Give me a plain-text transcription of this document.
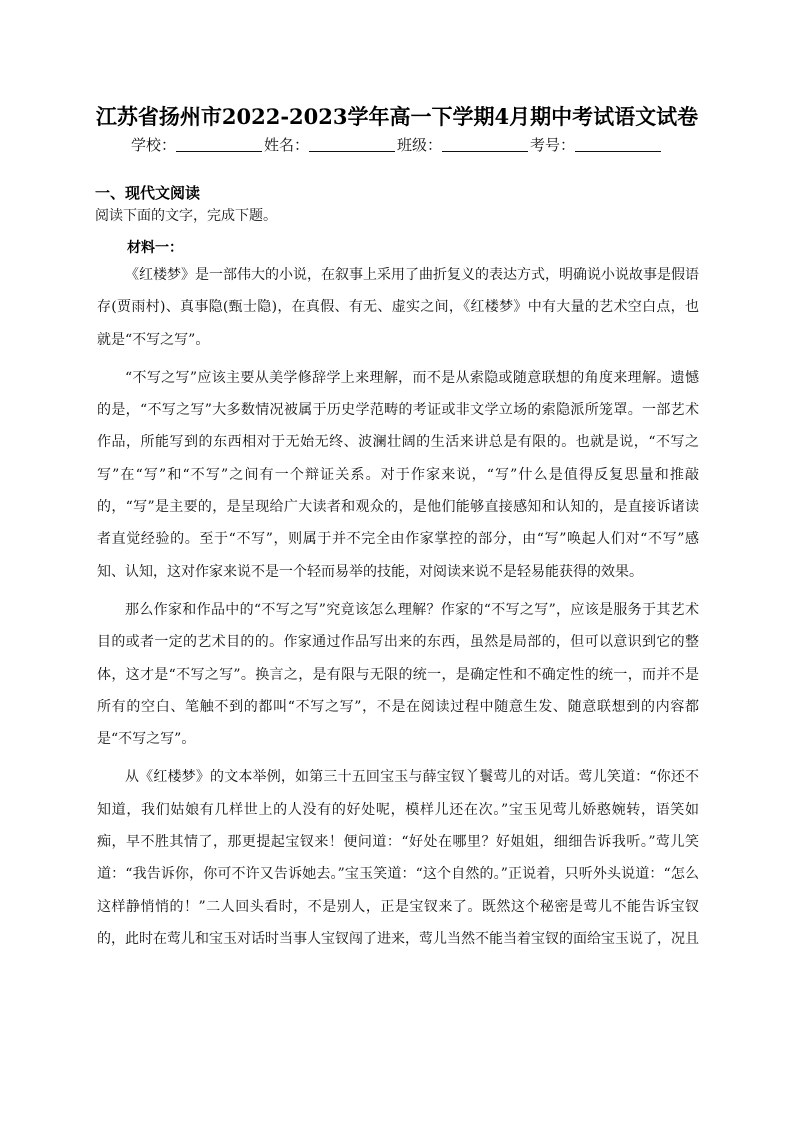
江苏省扬州市2022-2023学年高一下学期4月期中考试语文试卷
学校：	姓名：	班级：	考号：
一、现代文阅读
阅读下面的文字，完成下题。
材料一：

《红楼梦》是一部伟大的小说，在叙事上采用了曲折复义的表达方式，明确说小说故事是假语存(贾雨村)、真事隐(甄士隐)，在真假、有无、虚实之间，《红楼梦》中有大量的艺术空白点，也就是“不写之写”。

“不写之写”应该主要从美学修辞学上来理解，而不是从索隐或随意联想的角度来理解。遗憾的是，“不写之写”大多数情况被属于历史学范畴的考证或非文学立场的索隐派所笼罩。一部艺术作品，所能写到的东西相对于无始无终、波澜壮阔的生活来讲总是有限的。也就是说，“不写之写”在“写”和“不写”之间有一个辩证关系。对于作家来说，“写”什么是值得反复思量和推敲的，“写”是主要的，是呈现给广大读者和观众的，是他们能够直接感知和认知的，是直接诉诸读者直觉经验的。至于“不写”，则属于并不完全由作家掌控的部分，由“写”唤起人们对“不写”感知、认知，这对作家来说不是一个轻而易举的技能，对阅读来说不是轻易能获得的效果。

那么作家和作品中的“不写之写”究竟该怎么理解？作家的“不写之写”，应该是服务于其艺术目的或者一定的艺术目的的。作家通过作品写出来的东西，虽然是局部的，但可以意识到它的整体，这才是“不写之写”。换言之，是有限与无限的统一，是确定性和不确定性的统一，而并不是所有的空白、笔触不到的都叫“不写之写”，不是在阅读过程中随意生发、随意联想到的内容都是“不写之写”。

从《红楼梦》的文本举例，如第三十五回宝玉与薛宝钗丫鬟莺儿的对话。莺儿笑道：“你还不知道，我们姑娘有几样世上的人没有的好处呢，模样儿还在次。”宝玉见莺儿娇憨婉转，语笑如痴，早不胜其情了，那更提起宝钗来！便问道：“好处在哪里？好姐姐，细细告诉我听。”莺儿笑道：“我告诉你，你可不许又告诉她去。”宝玉笑道：“这个自然的。”正说着，只听外头说道：“怎么这样静悄悄的！”二人回头看时，不是别人，正是宝钗来了。既然这个秘密是莺儿不能告诉宝钗的，此时在莺儿和宝玉对话时当事人宝钗闯了进来，莺儿当然不能当着宝钗的面给宝玉说了，况且
